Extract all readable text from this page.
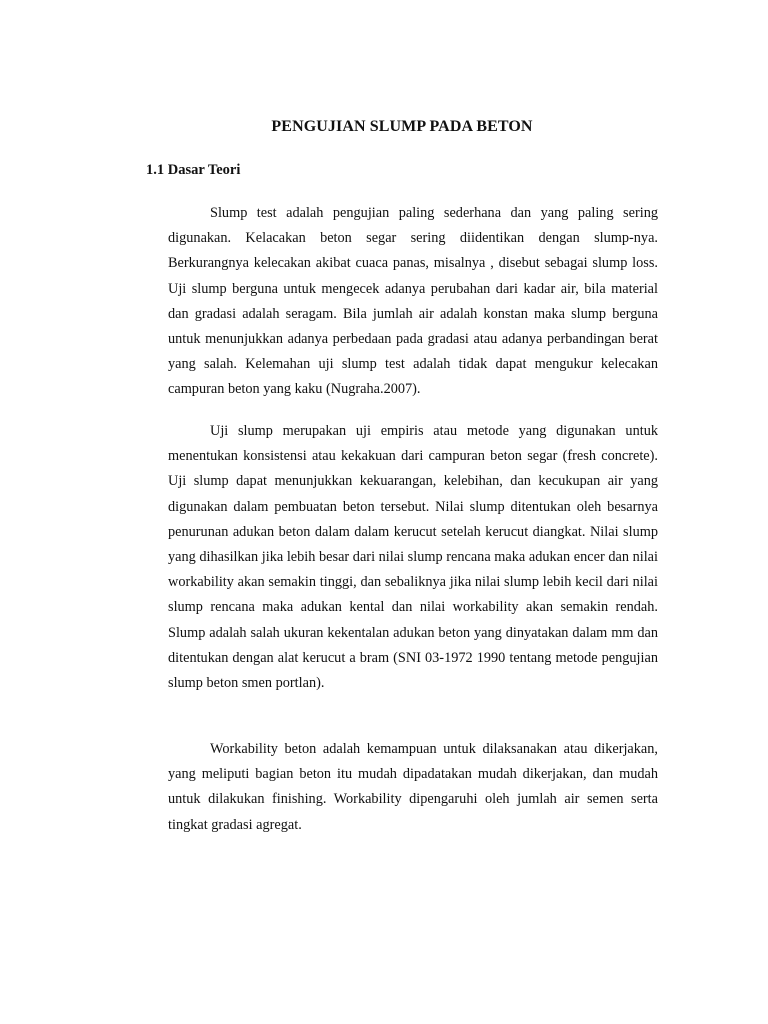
PENGUJIAN SLUMP PADA BETON
1.1 Dasar Teori

Slump test adalah pengujian paling sederhana dan yang paling sering digunakan. Kelacakan beton segar sering diidentikan dengan slump-nya. Berkurangnya kelecakan akibat cuaca panas, misalnya , disebut sebagai slump loss. Uji slump berguna untuk mengecek adanya perubahan dari kadar air, bila material dan gradasi adalah seragam. Bila jumlah air adalah konstan maka slump berguna untuk menunjukkan adanya perbedaan pada gradasi atau adanya perbandingan berat yang salah. Kelemahan uji slump test adalah tidak dapat mengukur kelecakan campuran beton yang kaku (Nugraha.2007).

Uji slump merupakan uji empiris atau metode yang digunakan untuk menentukan konsistensi atau kekakuan dari campuran beton segar (fresh concrete). Uji slump dapat menunjukkan kekuarangan, kelebihan, dan kecukupan air yang digunakan dalam pembuatan beton tersebut. Nilai slump ditentukan oleh besarnya penurunan adukan beton dalam dalam kerucut setelah kerucut diangkat. Nilai slump yang dihasilkan jika lebih besar dari nilai slump rencana maka adukan encer dan nilai workability akan semakin tinggi, dan sebaliknya jika nilai slump lebih kecil dari nilai slump rencana maka adukan kental dan nilai workability akan semakin rendah. Slump adalah salah ukuran kekentalan adukan beton yang dinyatakan dalam mm dan ditentukan dengan alat kerucut a bram (SNI 03-1972 1990 tentang metode pengujian slump beton smen portlan).

Workability beton adalah kemampuan untuk dilaksanakan atau dikerjakan, yang meliputi bagian beton itu mudah dipadatakan mudah dikerjakan, dan mudah untuk dilakukan finishing. Workability dipengaruhi oleh jumlah air semen serta tingkat gradasi agregat.
